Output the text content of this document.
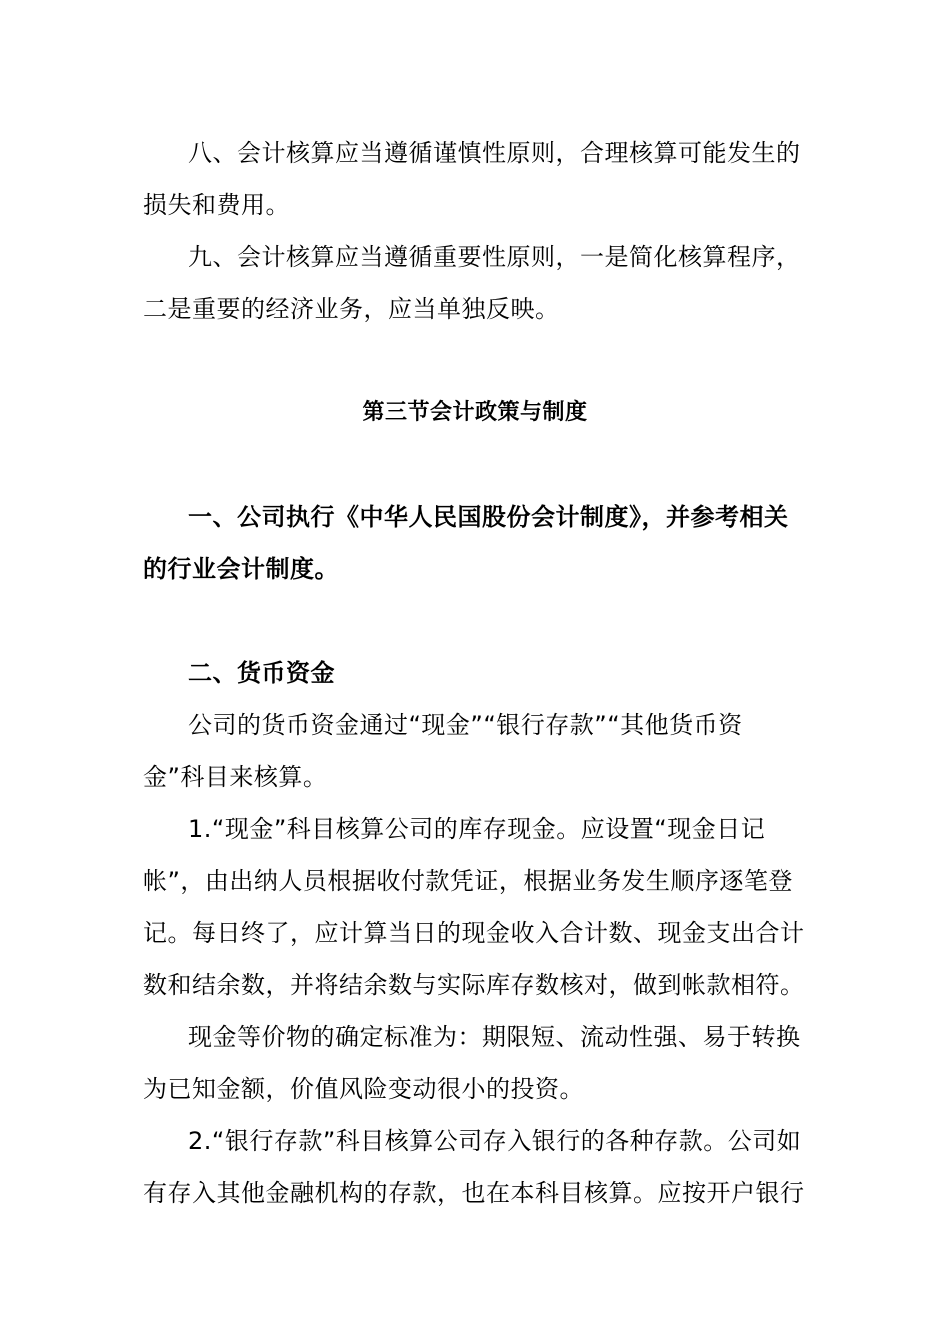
八、会计核算应当遵循谨慎性原则，合理核算可能发生的
损失和费用。
九、会计核算应当遵循重要性原则，一是简化核算程序，
二是重要的经济业务，应当单独反映。
第三节会计政策与制度
一、公司执行《中华人民国股份会计制度》，并参考相关
的行业会计制度。
二、货币资金
公司的货币资金通过“现金”“银行存款”“其他货币资
金”科目来核算。
1.“现金”科目核算公司的库存现金。应设置“现金日记
帐”，由出纳人员根据收付款凭证，根据业务发生顺序逐笔登
记。每日终了，应计算当日的现金收入合计数、现金支出合计
数和结余数，并将结余数与实际库存数核对，做到帐款相符。
现金等价物的确定标准为：期限短、流动性强、易于转换
为已知金额，价值风险变动很小的投资。
2.“银行存款”科目核算公司存入银行的各种存款。公司如
有存入其他金融机构的存款，也在本科目核算。应按开户银行
